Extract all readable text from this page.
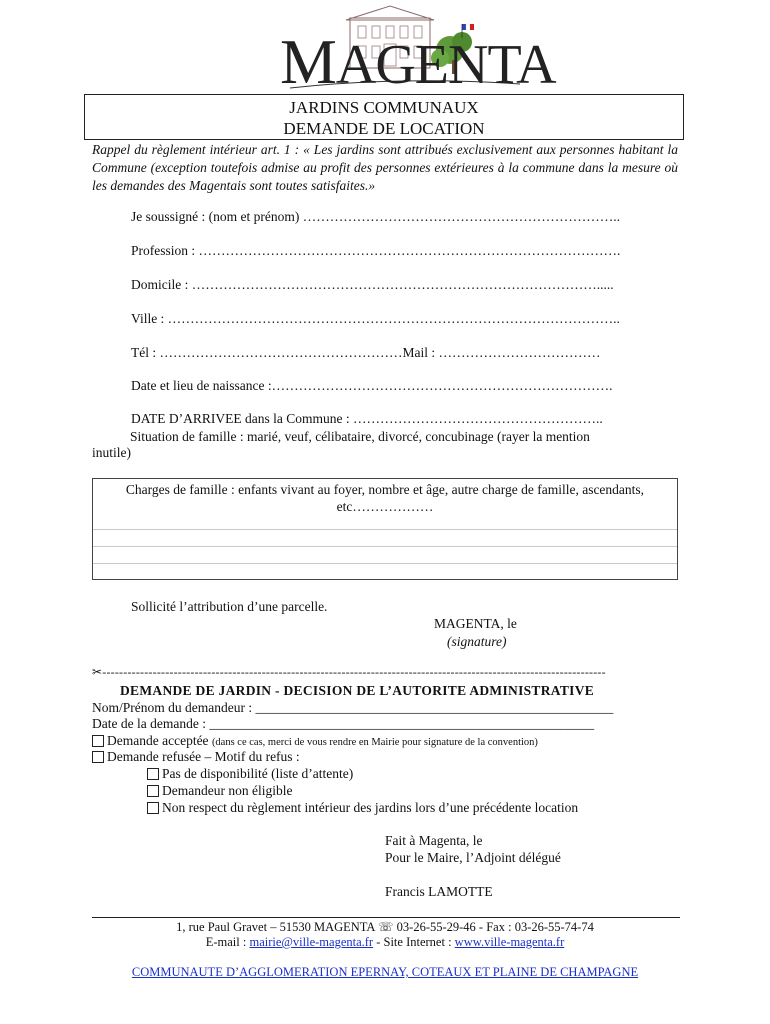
MAGENTA
JARDINS COMMUNAUX
DEMANDE DE LOCATION
Rappel du règlement intérieur art. 1 : « Les jardins sont attribués exclusivement aux personnes habitant la Commune (exception toutefois admise au profit des personnes extérieures à la commune dans la mesure où les demandes des Magentais sont toutes satisfaites.»
Je soussigné : (nom et prénom) ……………………………………………………………..
Profession : ………………………………………………………………………………….
Domicile : ……………………………………………………………………………….....
Ville : ………………………………………………………………………………………..
Tél : ………………………………………………Mail : ………………………………
Date et lieu de naissance :………………………………………………………………….
DATE D’ARRIVEE dans la Commune : ………………………………………………..
Situation de famille : marié, veuf, célibataire, divorcé, concubinage (rayer la mention
inutile)
Charges de famille : enfants vivant au foyer, nombre et âge, autre charge de famille, ascendants, etc………………
Sollicité l’attribution d’une parcelle.
MAGENTA, le
(signature)
✂------------------------------------------------------------------------------------------------------------------------
DEMANDE DE JARDIN - DECISION DE L’AUTORITE ADMINISTRATIVE
Nom/Prénom du demandeur : _____________________________________________________
Date de la demande : _________________________________________________________
Demande acceptée (dans ce cas, merci de vous rendre en Mairie pour signature de la convention)
Demande refusée – Motif du refus :
Pas de disponibilité (liste d’attente)
Demandeur non éligible
Non respect du règlement intérieur des jardins lors d’une précédente location
Fait à Magenta, le
Pour le Maire, l’Adjoint délégué
Francis LAMOTTE
1, rue Paul Gravet – 51530 MAGENTA ☏ 03-26-55-29-46 - Fax : 03-26-55-74-74
E-mail : mairie@ville-magenta.fr - Site Internet : www.ville-magenta.fr
COMMUNAUTE D’AGGLOMERATION EPERNAY, COTEAUX ET PLAINE DE CHAMPAGNE
